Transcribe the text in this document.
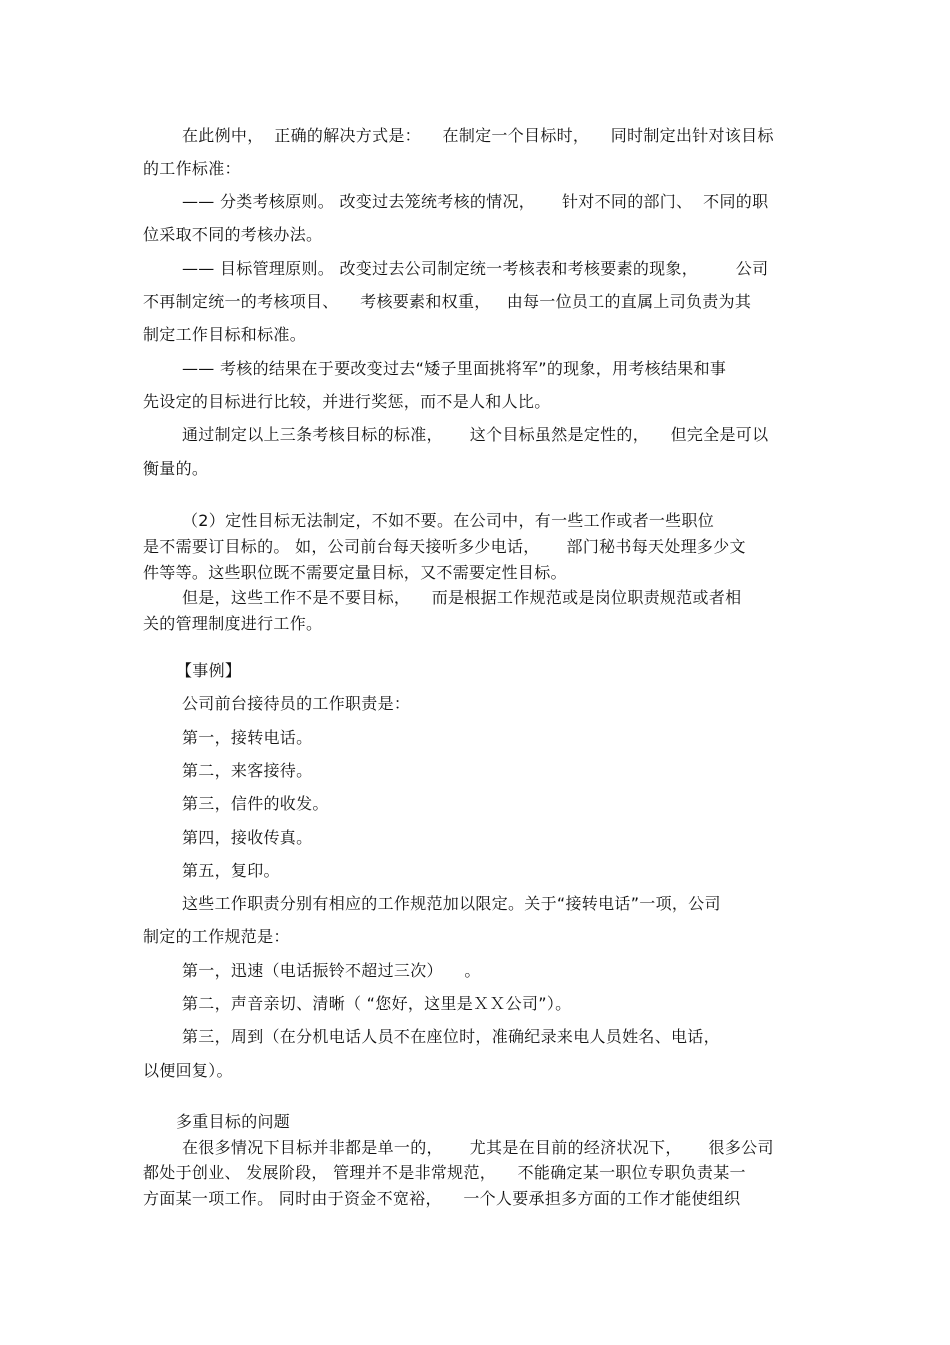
在此例中，  正确的解决方式是：    在制定一个目标时，    同时制定出针对该目标

的工作标准：

—— 分类考核原则。 改变过去笼统考核的情况，     针对不同的部门、  不同的职

位采取不同的考核办法。

—— 目标管理原则。 改变过去公司制定统一考核表和考核要素的现象，       公司

不再制定统一的考核项目、    考核要素和权重，   由每一位员工的直属上司负责为其

制定工作目标和标准。

—— 考核的结果在于要改变过去“矮子里面挑将军”的现象，用考核结果和事

先设定的目标进行比较，并进行奖惩，而不是人和人比。

通过制定以上三条考核目标的标准，     这个目标虽然是定性的，    但完全是可以

衡量的。

（2）定性目标无法制定，不如不要。在公司中，有一些工作或者一些职位

是不需要订目标的。 如，公司前台每天接听多少电话，     部门秘书每天处理多少文

件等等。这些职位既不需要定量目标，又不需要定性目标。

但是，这些工作不是不要目标，    而是根据工作规范或是岗位职责规范或者相

关的管理制度进行工作。

【事例】

公司前台接待员的工作职责是：

第一，接转电话。

第二，来客接待。

第三，信件的收发。

第四，接收传真。

第五，复印。

这些工作职责分别有相应的工作规范加以限定。关于“接转电话”一项，公司

制定的工作规范是：

第一，迅速（电话振铃不超过三次）    。

第二，声音亲切、清晰（ “您好，这里是ＸＸ公司”）。

第三，周到（在分机电话人员不在座位时，准确纪录来电人员姓名、电话，

以便回复）。

多重目标的问题

在很多情况下目标并非都是单一的，     尤其是在目前的经济状况下，     很多公司

都处于创业、 发展阶段， 管理并不是非常规范，    不能确定某一职位专职负责某一

方面某一项工作。 同时由于资金不宽裕，    一个人要承担多方面的工作才能使组织
